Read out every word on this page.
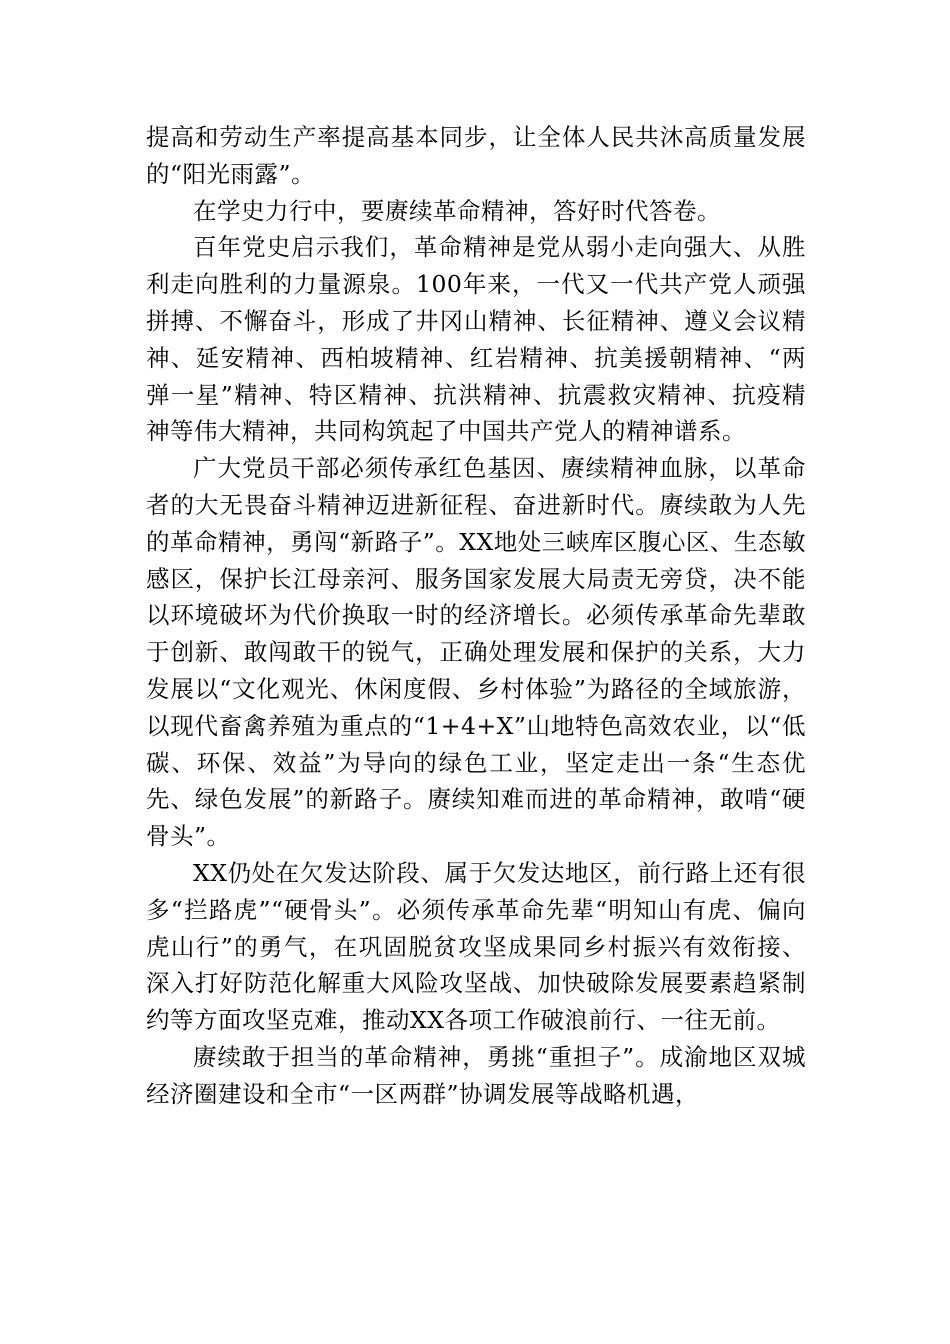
提高和劳动生产率提高基本同步，让全体人民共沐高质量发展的“阳光雨露”。

在学史力行中，要赓续革命精神，答好时代答卷。

百年党史启示我们，革命精神是党从弱小走向强大、从胜利走向胜利的力量源泉。100年来，一代又一代共产党人顽强拼搏、不懈奋斗，形成了井冈山精神、长征精神、遵义会议精神、延安精神、西柏坡精神、红岩精神、抗美援朝精神、“两弹一星”精神、特区精神、抗洪精神、抗震救灾精神、抗疫精神等伟大精神，共同构筑起了中国共产党人的精神谱系。

广大党员干部必须传承红色基因、赓续精神血脉，以革命者的大无畏奋斗精神迈进新征程、奋进新时代。赓续敢为人先的革命精神，勇闯“新路子”。XX地处三峡库区腹心区、生态敏感区，保护长江母亲河、服务国家发展大局责无旁贷，决不能以环境破坏为代价换取一时的经济增长。必须传承革命先辈敢于创新、敢闯敢干的锐气，正确处理发展和保护的关系，大力发展以“文化观光、休闲度假、乡村体验”为路径的全域旅游，以现代畜禽养殖为重点的“1+4+X”山地特色高效农业，以“低碳、环保、效益”为导向的绿色工业，坚定走出一条“生态优先、绿色发展”的新路子。赓续知难而进的革命精神，敢啃“硬骨头”。

XX仍处在欠发达阶段、属于欠发达地区，前行路上还有很多“拦路虎”“硬骨头”。必须传承革命先辈“明知山有虎、偏向虎山行”的勇气，在巩固脱贫攻坚成果同乡村振兴有效衔接、深入打好防范化解重大风险攻坚战、加快破除发展要素趋紧制约等方面攻坚克难，推动XX各项工作破浪前行、一往无前。

赓续敢于担当的革命精神，勇挑“重担子”。成渝地区双城经济圈建设和全市“一区两群”协调发展等战略机遇，
